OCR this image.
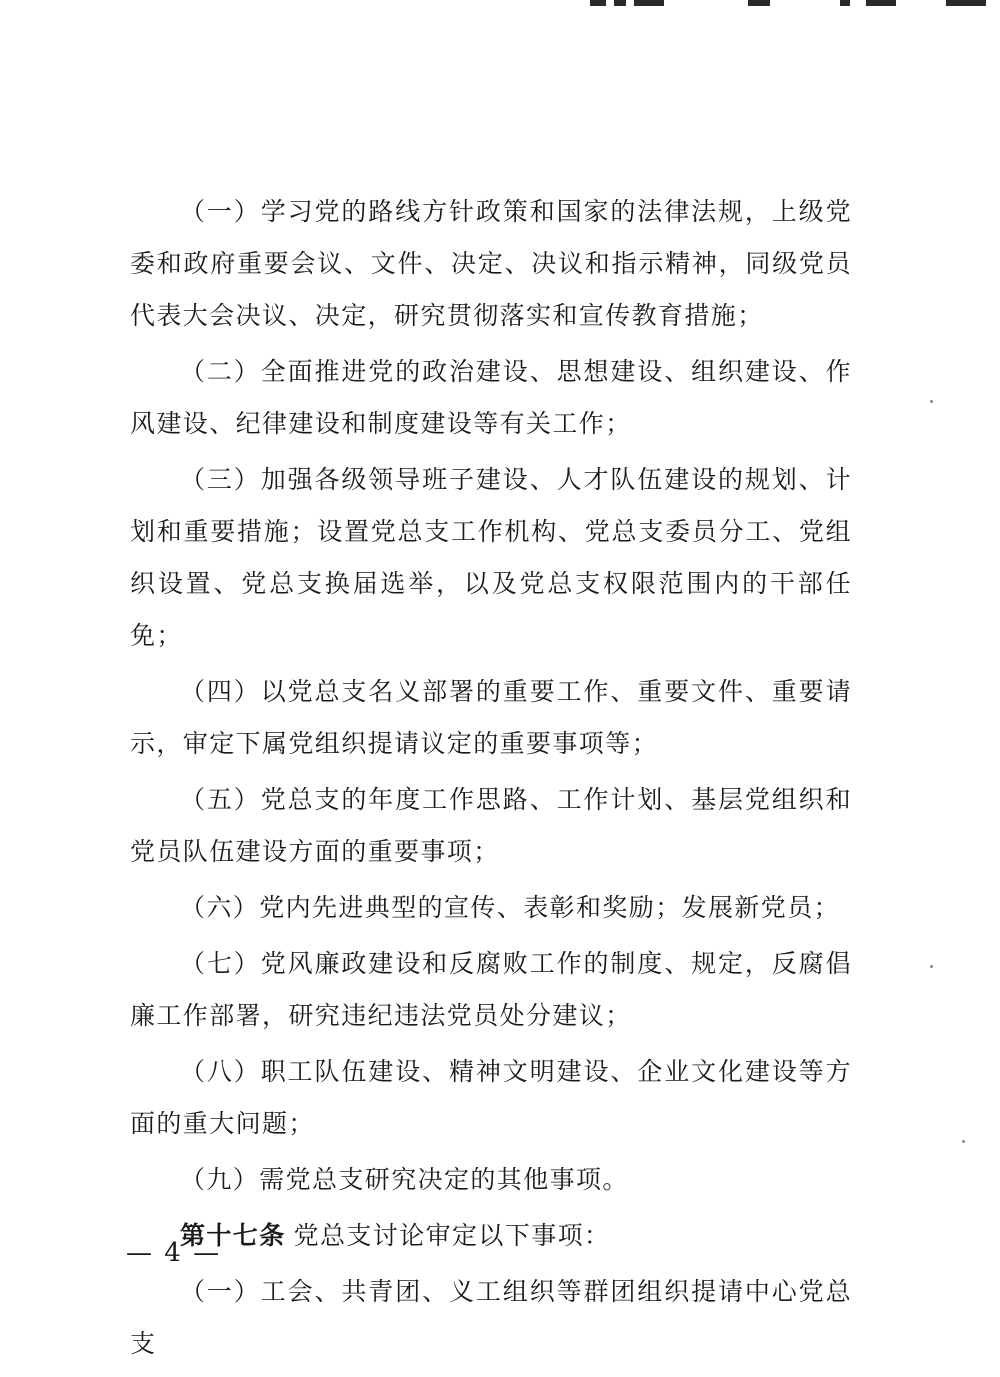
（一）学习党的路线方针政策和国家的法律法规，上级党委和政府重要会议、文件、决定、决议和指示精神，同级党员代表大会决议、决定，研究贯彻落实和宣传教育措施；

（二）全面推进党的政治建设、思想建设、组织建设、作风建设、纪律建设和制度建设等有关工作；

（三）加强各级领导班子建设、人才队伍建设的规划、计划和重要措施；设置党总支工作机构、党总支委员分工、党组织设置、党总支换届选举，以及党总支权限范围内的干部任免；

（四）以党总支名义部署的重要工作、重要文件、重要请示，审定下属党组织提请议定的重要事项等；

（五）党总支的年度工作思路、工作计划、基层党组织和党员队伍建设方面的重要事项；

（六）党内先进典型的宣传、表彰和奖励；发展新党员；

（七）党风廉政建设和反腐败工作的制度、规定，反腐倡廉工作部署，研究违纪违法党员处分建议；

（八）职工队伍建设、精神文明建设、企业文化建设等方面的重大问题；

（九）需党总支研究决定的其他事项。

第十七条 党总支讨论审定以下事项：

（一）工会、共青团、义工组织等群团组织提请中心党总支

— 4 —
